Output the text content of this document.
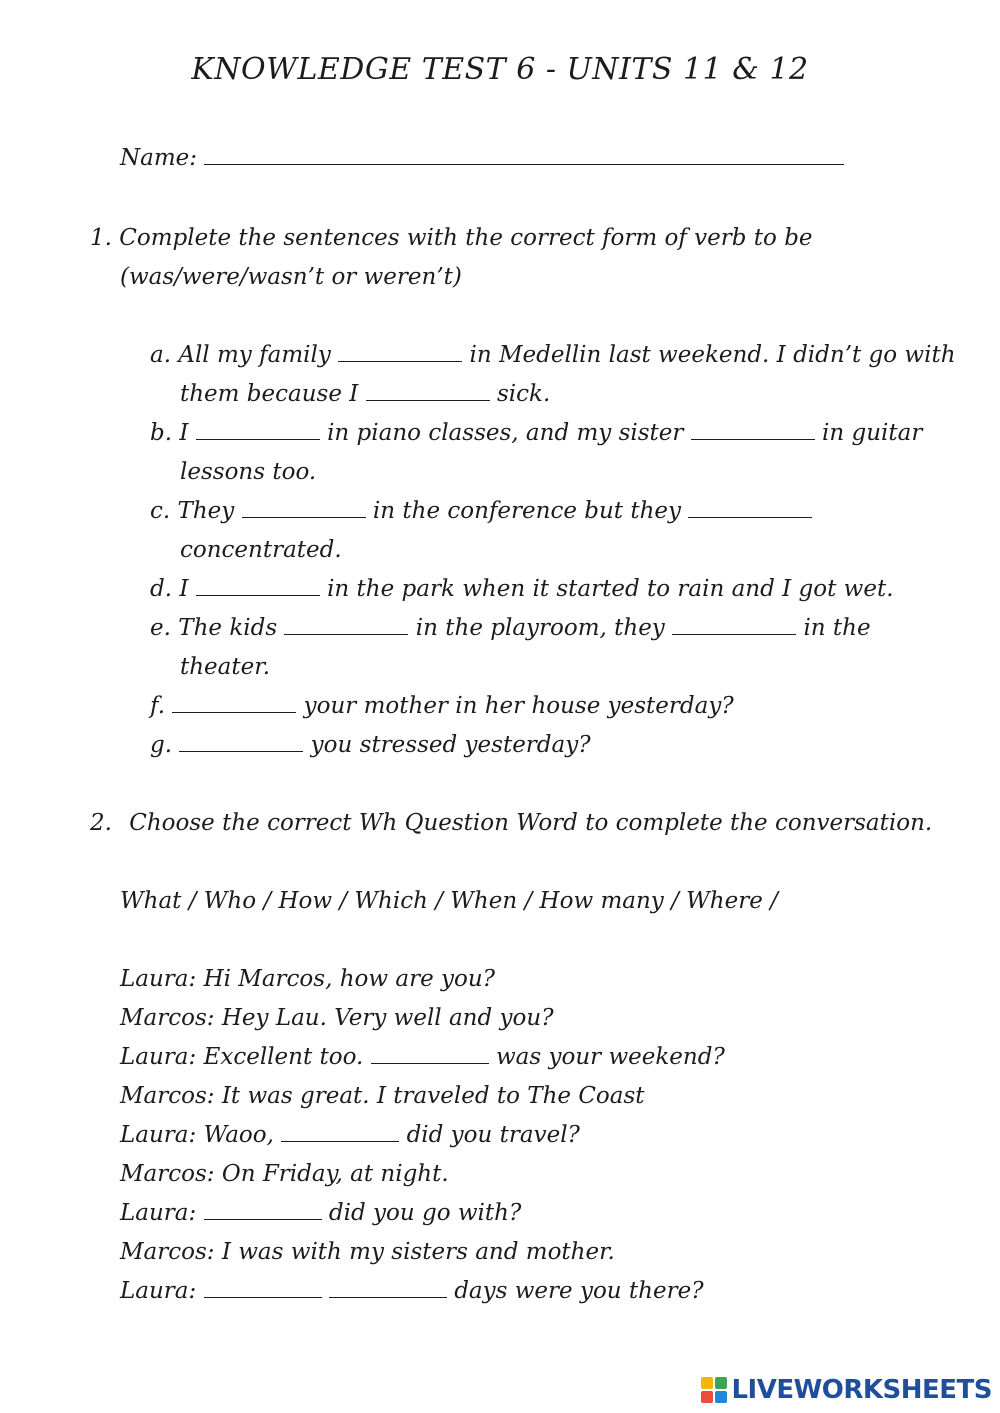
KNOWLEDGE TEST 6 - UNITS 11 & 12
Name:
1. Complete the sentences with the correct form of verb to be
(was/were/wasn’t or weren’t)
a. All my family	in Medellin last weekend. I didn’t go with
them because I	sick.
b. I	in piano classes, and my sister	in guitar
lessons too.
c. They	in the conference but they
concentrated.
d. I	in the park when it started to rain and I got wet.
e. The kids	in the playroom, they	in the
theater.
f.	your mother in her house yesterday?
g.	you stressed yesterday?
2. Choose the correct Wh Question Word to complete the conversation.
What / Who / How / Which / When / How many / Where /
Laura: Hi Marcos, how are you?
Marcos: Hey Lau. Very well and you?
Laura: Excellent too.	was your weekend?
Marcos: It was great. I traveled to The Coast
Laura: Waoo,	did you travel?
Marcos: On Friday, at night.
Laura:	did you go with?
Marcos: I was with my sisters and mother.
Laura:	days were you there?
LIVEWORKSHEETS
